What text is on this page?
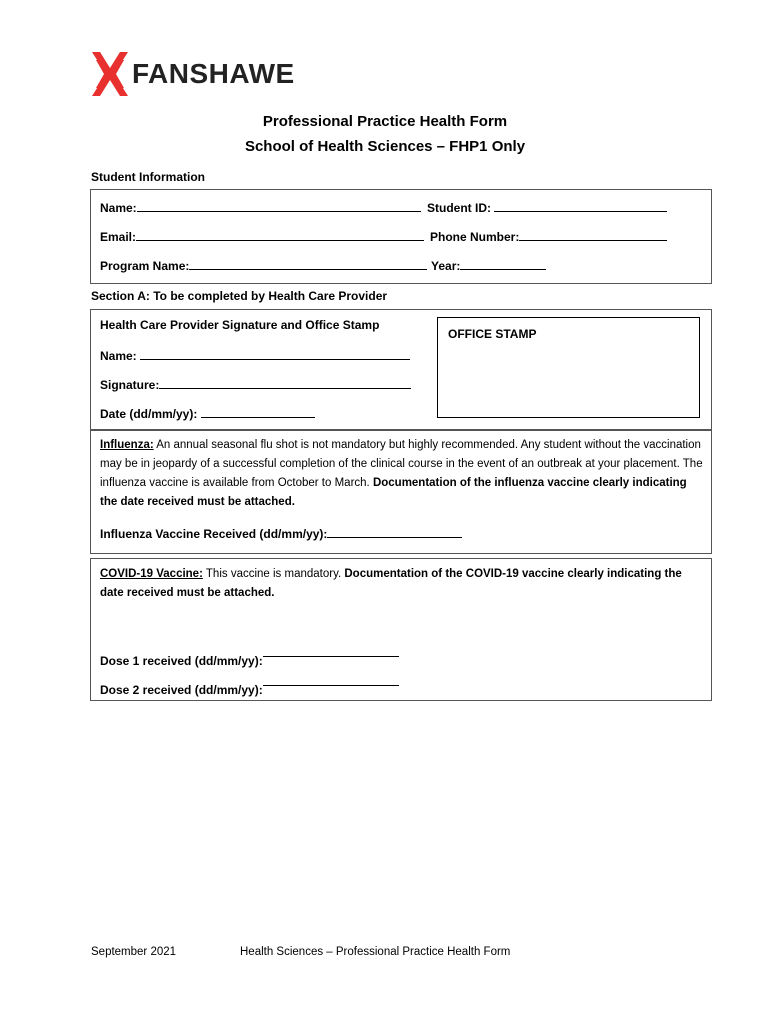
FANSHAWE
Professional Practice Health Form
School of Health Sciences – FHP1 Only
Student Information
Name:	Student ID:
Email:	Phone Number:
Program Name:	Year:
Section A: To be completed by Health Care Provider
Health Care Provider Signature and Office Stamp
Name:
Signature:
Date (dd/mm/yy):
OFFICE STAMP
Influenza: An annual seasonal flu shot is not mandatory but highly recommended. Any student without the vaccination may be in jeopardy of a successful completion of the clinical course in the event of an outbreak at your placement. The influenza vaccine is available from October to March. Documentation of the influenza vaccine clearly indicating the date received must be attached.
Influenza Vaccine Received (dd/mm/yy):
COVID-19 Vaccine: This vaccine is mandatory. Documentation of the COVID-19 vaccine clearly indicating the date received must be attached.
Dose 1 received (dd/mm/yy):
Dose 2 received (dd/mm/yy):
September 2021	Health Sciences – Professional Practice Health Form
